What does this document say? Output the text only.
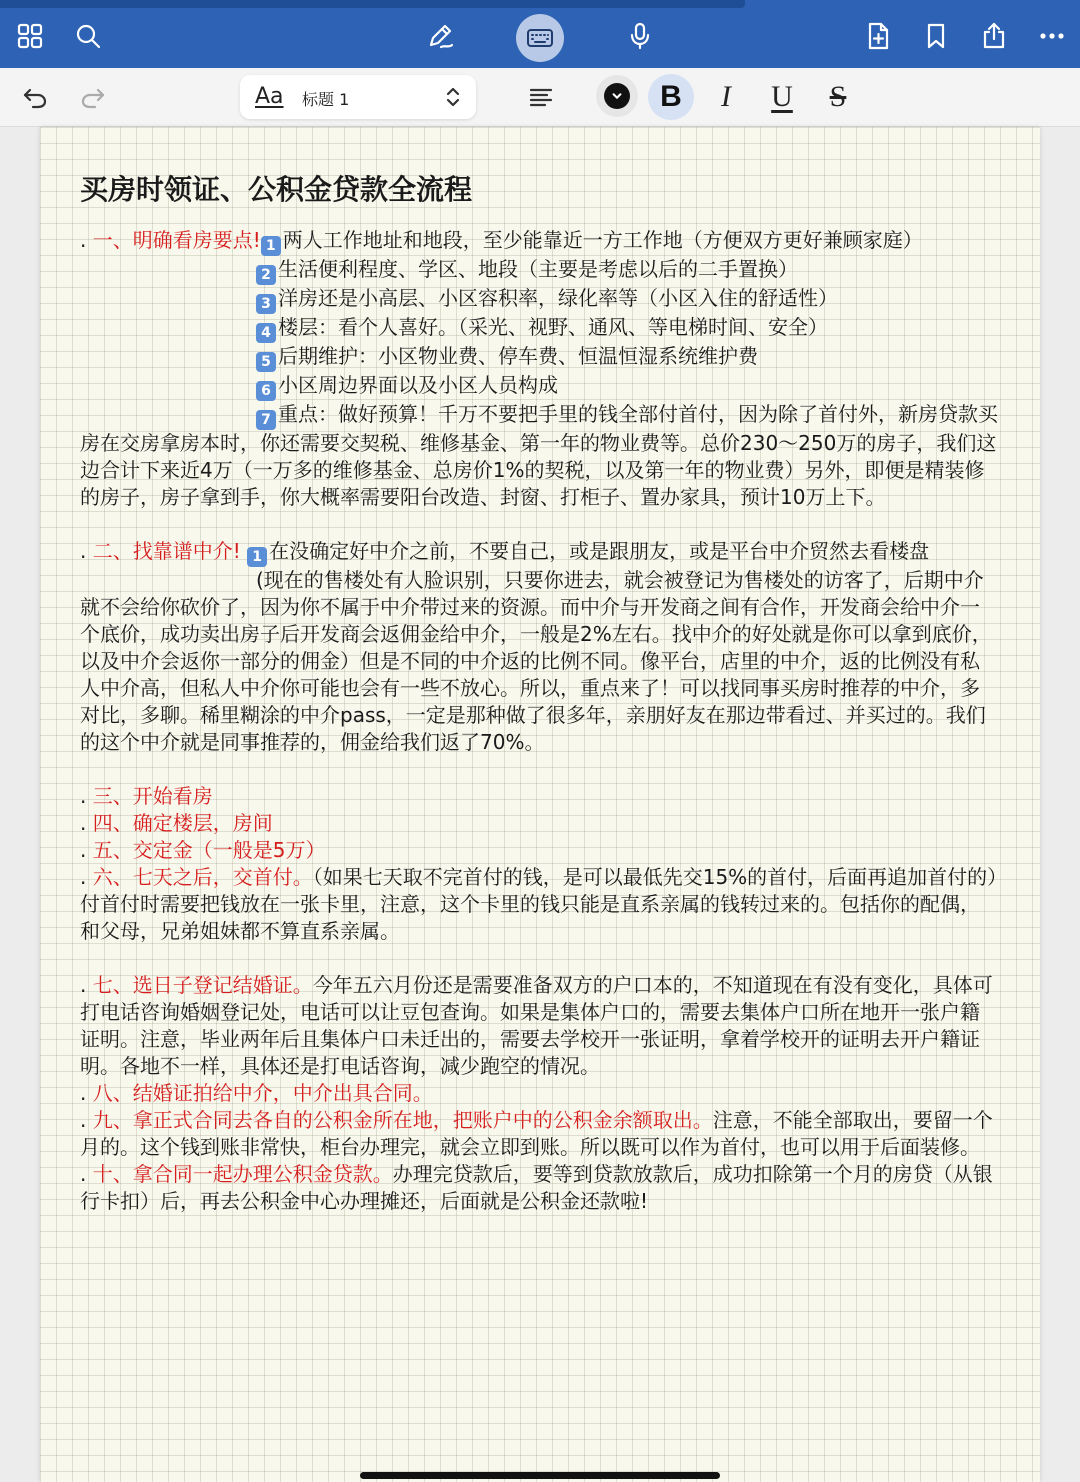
Aa 标题 1	B	I	U	S

买房时领证、公积金贷款全流程

. 一、明确看房要点! 1 两人工作地址和地段，至少能靠近一方工作地（方便双方更好兼顾家庭）

2 生活便利程度、学区、地段（主要是考虑以后的二手置换）

3 洋房还是小高层、小区容积率，绿化率等（小区入住的舒适性）

4 楼层：看个人喜好。（采光、视野、通风、等电梯时间、安全）

5 后期维护：小区物业费、停车费、恒温恒湿系统维护费

6 小区周边界面以及小区人员构成

7 重点：做好预算！千万不要把手里的钱全部付首付，因为除了首付外，新房贷款买房在交房拿房本时，你还需要交契税、维修基金、第一年的物业费等。总价230～250万的房子，我们这边合计下来近4万（一万多的维修基金、总房价1%的契税，以及第一年的物业费）另外，即便是精装修的房子，房子拿到手，你大概率需要阳台改造、封窗、打柜子、置办家具，预计10万上下。

. 二、找靠谱中介! 1 在没确定好中介之前，不要自己，或是跟朋友，或是平台中介贸然去看楼盘

(现在的售楼处有人脸识别，只要你进去，就会被登记为售楼处的访客了，后期中介就不会给你砍价了，因为你不属于中介带过来的资源。而中介与开发商之间有合作，开发商会给中介一个底价，成功卖出房子后开发商会返佣金给中介，一般是2%左右。找中介的好处就是你可以拿到底价，以及中介会返你一部分的佣金）但是不同的中介返的比例不同。像平台，店里的中介，返的比例没有私人中介高，但私人中介你可能也会有一些不放心。所以，重点来了！可以找同事买房时推荐的中介，多对比，多聊。稀里糊涂的中介pass，一定是那种做了很多年，亲朋好友在那边带看过、并买过的。我们的这个中介就是同事推荐的，佣金给我们返了70%。

. 三、开始看房

. 四、确定楼层，房间

. 五、交定金（一般是5万）

. 六、七天之后，交首付。（如果七天取不完首付的钱，是可以最低先交15%的首付，后面再追加首付的）付首付时需要把钱放在一张卡里，注意，这个卡里的钱只能是直系亲属的钱转过来的。包括你的配偶，和父母，兄弟姐妹都不算直系亲属。

. 七、选日子登记结婚证。今年五六月份还是需要准备双方的户口本的，不知道现在有没有变化，具体可打电话咨询婚姻登记处，电话可以让豆包查询。如果是集体户口的，需要去集体户口所在地开一张户籍证明。注意，毕业两年后且集体户口未迁出的，需要去学校开一张证明，拿着学校开的证明去开户籍证明。各地不一样，具体还是打电话咨询，减少跑空的情况。

. 八、结婚证拍给中介，中介出具合同。

. 九、拿正式合同去各自的公积金所在地，把账户中的公积金余额取出。注意，不能全部取出，要留一个月的。这个钱到账非常快，柜台办理完，就会立即到账。所以既可以作为首付，也可以用于后面装修。

. 十、拿合同一起办理公积金贷款。办理完贷款后，要等到贷款放款后，成功扣除第一个月的房贷（从银行卡扣）后，再去公积金中心办理摊还，后面就是公积金还款啦!
